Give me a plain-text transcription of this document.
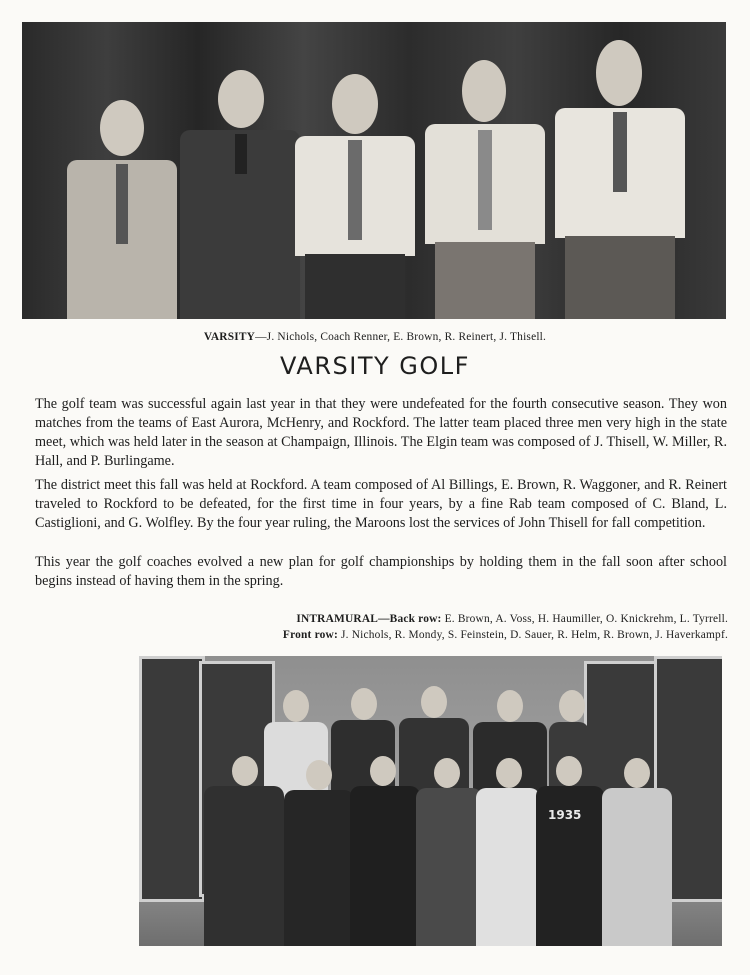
VARSITY—J. Nichols, Coach Renner, E. Brown, R. Reinert, J. Thisell.

VARSITY GOLF

The golf team was successful again last year in that they were undefeated for the fourth consecutive season. They won matches from the teams of East Aurora, McHenry, and Rockford. The latter team placed three men very high in the state meet, which was held later in the season at Champaign, Illinois. The Elgin team was composed of J. Thisell, W. Miller, R. Hall, and P. Burlingame.

The district meet this fall was held at Rockford. A team composed of Al Billings, E. Brown, R. Waggoner, and R. Reinert traveled to Rockford to be defeated, for the first time in four years, by a fine Rab team composed of C. Bland, L. Castiglioni, and G. Wolfley. By the four year ruling, the Maroons lost the services of John Thisell for fall competition.

This year the golf coaches evolved a new plan for golf championships by holding them in the fall soon after school begins instead of having them in the spring.

INTRAMURAL—Back row: E. Brown, A. Voss, H. Haumiller, O. Knickrehm, L. Tyrrell.
Front row: J. Nichols, R. Mondy, S. Feinstein, D. Sauer, R. Helm, R. Brown, J. Haverkampf.

1935
